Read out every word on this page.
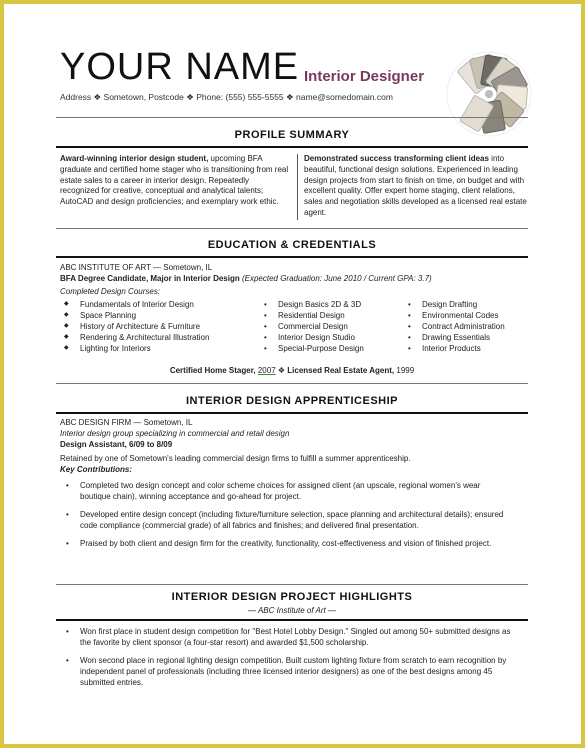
YOUR NAME Interior Designer
Address ❖ Sometown, Postcode ❖ Phone: (555) 555-5555 ❖ name@somedomain.com
PROFILE SUMMARY
Award-winning interior design student, upcoming BFA graduate and certified home stager who is transitioning from real estate sales to a career in interior design. Repeatedly recognized for creative, conceptual and analytical talents; AutoCAD and design proficiencies; and exemplary work ethic.
Demonstrated success transforming client ideas into beautiful, functional design solutions. Experienced in leading design projects from start to finish on time, on budget and with excellent quality. Offer expert home staging, client relations, sales and negotiation skills developed as a licensed real estate agent.
EDUCATION & CREDENTIALS
ABC INSTITUTE OF ART — Sometown, IL
BFA Degree Candidate, Major in Interior Design (Expected Graduation: June 2010 / Current GPA: 3.7)
Completed Design Courses:
◆ Fundamentals of Interior Design
◆ Space Planning
◆ History of Architecture & Furniture
◆ Rendering & Architectural Illustration
◆ Lighting for Interiors
• Design Basics 2D & 3D
• Residential Design
• Commercial Design
• Interior Design Studio
• Special-Purpose Design
• Design Drafting
• Environmental Codes
• Contract Administration
• Drawing Essentials
• Interior Products
Certified Home Stager, 2007 ❖ Licensed Real Estate Agent, 1999
INTERIOR DESIGN APPRENTICESHIP
ABC DESIGN FIRM — Sometown, IL
Interior design group specializing in commercial and retail design
Design Assistant, 6/09 to 8/09
Retained by one of Sometown's leading commercial design firms to fulfill a summer apprenticeship.
Key Contributions:
• Completed two design concept and color scheme choices for assigned client (an upscale, regional women's wear boutique chain), winning acceptance and go-ahead for project.
• Developed entire design concept (including fixture/furniture selection, space planning and architectural details); ensured code compliance (commercial grade) of all fabrics and finishes; and delivered final presentation.
• Praised by both client and design firm for the creativity, functionality, cost-effectiveness and vision of finished project.
INTERIOR DESIGN PROJECT HIGHLIGHTS
— ABC Institute of Art —
• Won first place in student design competition for "Best Hotel Lobby Design." Singled out among 50+ submitted designs as the favorite by client sponsor (a four-star resort) and awarded $1,500 scholarship.
• Won second place in regional lighting design competition. Built custom lighting fixture from scratch to earn recognition by independent panel of professionals (including three licensed interior designers) as one of the best designs among 45 submitted entries.
